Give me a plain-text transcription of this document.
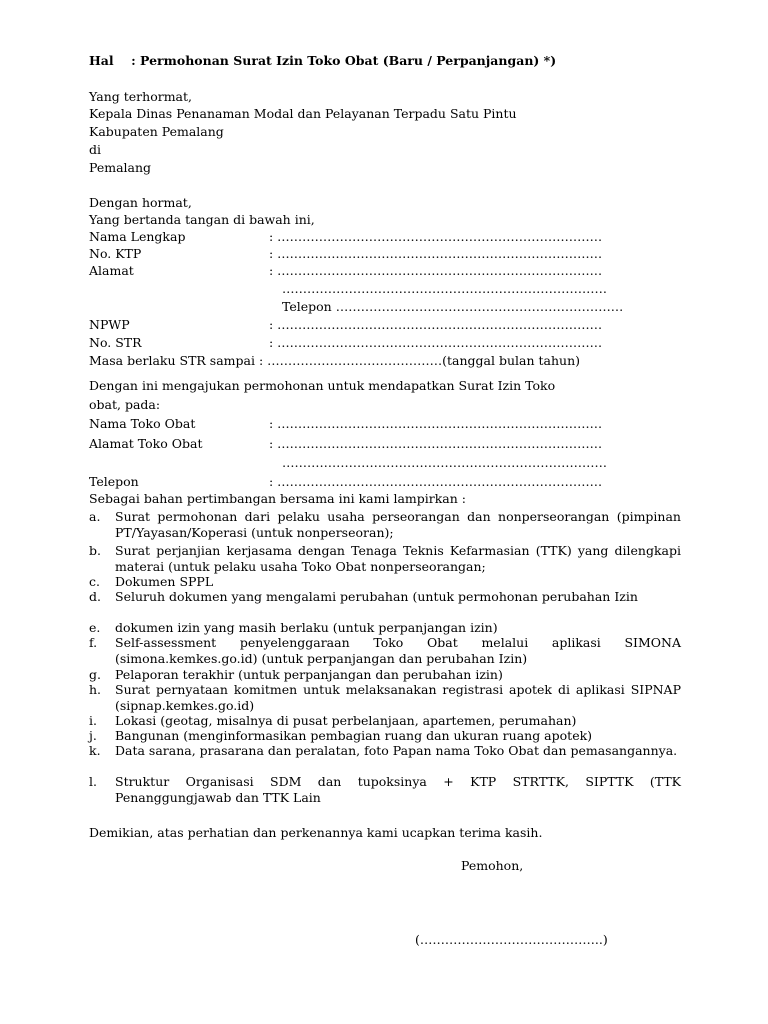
Hal    : Permohonan Surat Izin Toko Obat (Baru / Perpanjangan) *)
Yang terhormat,
Kepala Dinas Penanaman Modal dan Pelayanan Terpadu Satu Pintu
Kabupaten Pemalang
di
Pemalang
Dengan hormat,
Yang bertanda tangan di bawah ini,
Nama Lengkap	: ……………………………………………………………………
No. KTP	: ……………………………………………………………………
Alamat	: ……………………………………………………………………
……………………………………………………………………
Telepon ……………………………………………………………
NPWP	: ……………………………………………………………………
No. STR	: ……………………………………………………………………
Masa berlaku STR sampai : ……………………………………(tanggal bulan tahun)
Dengan ini mengajukan permohonan untuk mendapatkan Surat Izin Toko
obat, pada:
Nama Toko Obat	: ……………………………………………………………………
Alamat Toko Obat	: ……………………………………………………………………
……………………………………………………………………
Telepon	: ……………………………………………………………………
Sebagai bahan pertimbangan bersama ini kami lampirkan :
a. Surat permohonan dari pelaku usaha perseorangan dan nonperseorangan (pimpinan PT/Yayasan/Koperasi (untuk nonperseoran);
b. Surat perjanjian kerjasama dengan Tenaga Teknis Kefarmasian (TTK) yang dilengkapi materai (untuk pelaku usaha Toko Obat nonperseorangan;
c. Dokumen SPPL
d. Seluruh dokumen yang mengalami perubahan (untuk permohonan perubahan Izin
e. dokumen izin yang masih berlaku (untuk perpanjangan izin)
f. Self-assessment penyelenggaraan Toko Obat melalui aplikasi SIMONA (simona.kemkes.go.id) (untuk perpanjangan dan perubahan Izin)
g. Pelaporan terakhir (untuk perpanjangan dan perubahan izin)
h. Surat pernyataan komitmen untuk melaksanakan registrasi apotek di aplikasi SIPNAP (sipnap.kemkes.go.id)
i. Lokasi (geotag, misalnya di pusat perbelanjaan, apartemen, perumahan)
j. Bangunan (menginformasikan pembagian ruang dan ukuran ruang apotek)
k. Data sarana, prasarana dan peralatan, foto Papan nama Toko Obat dan pemasangannya.
l. Struktur Organisasi SDM dan tupoksinya + KTP STRTTK, SIPTTK (TTK Penanggungjawab dan TTK Lain
Demikian, atas perhatian dan perkenannya kami ucapkan terima kasih.
Pemohon,
(……………………………………..)
